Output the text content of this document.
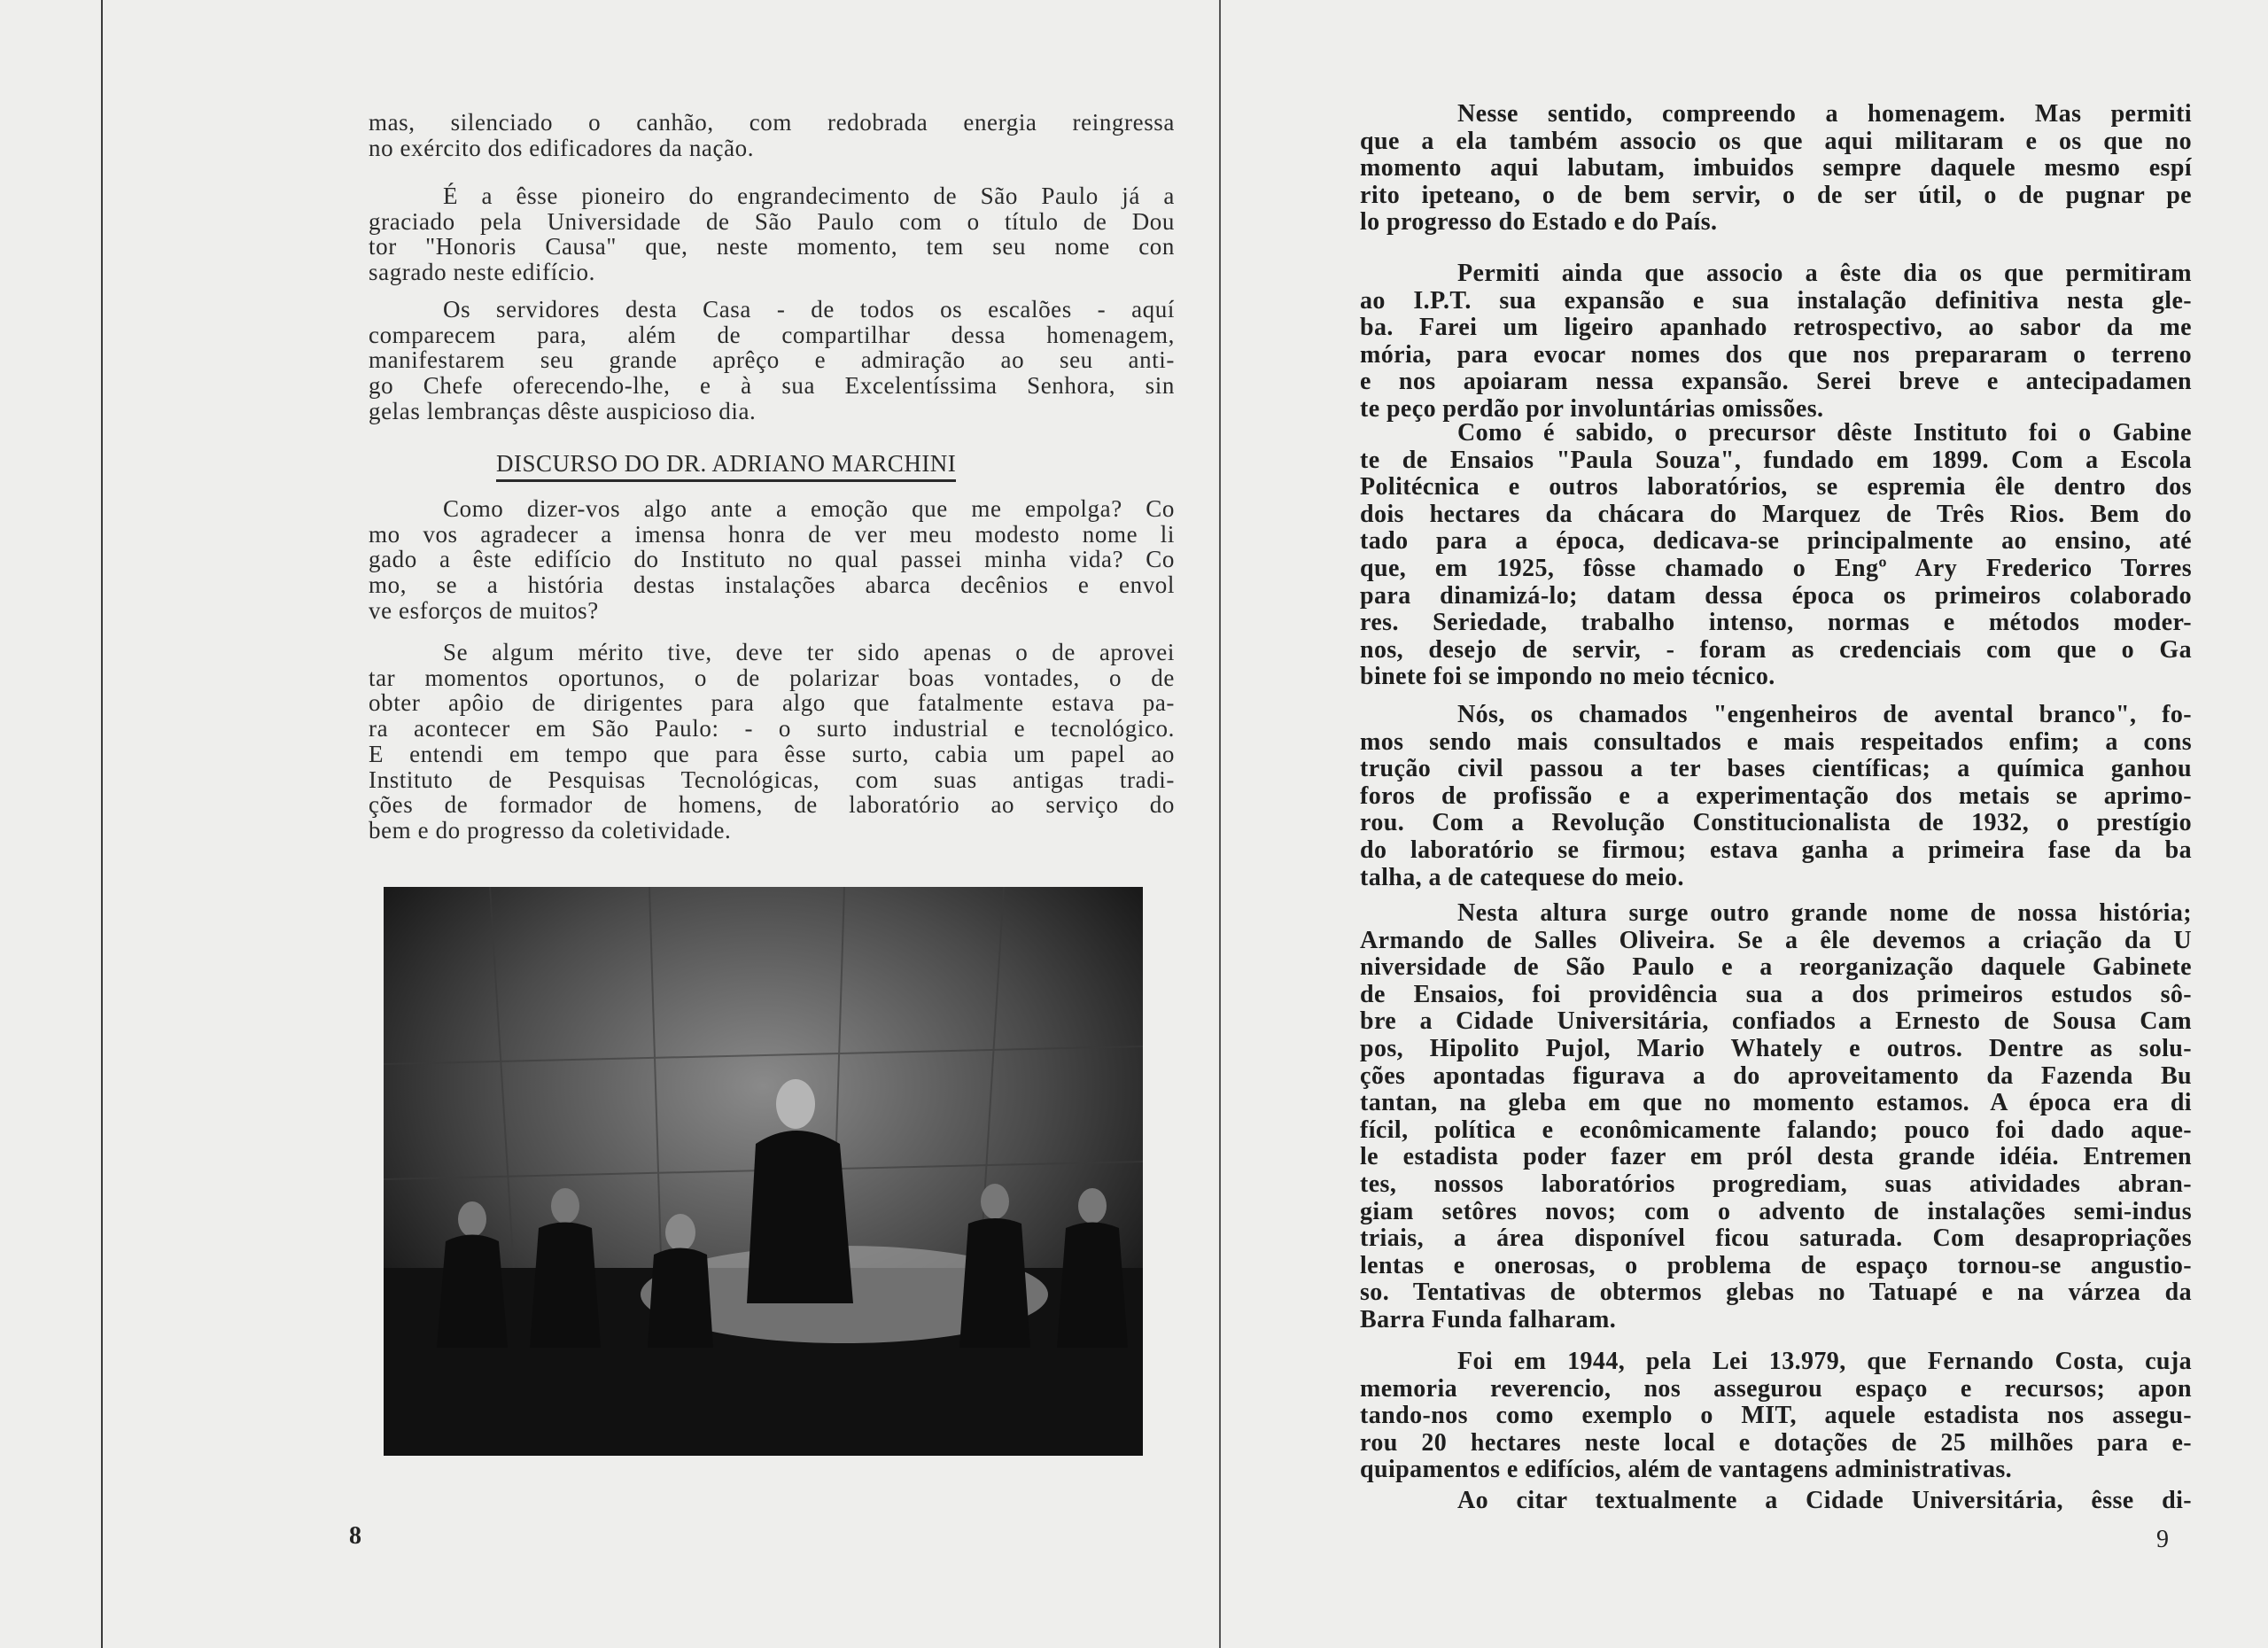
mas, silenciado o canhão, com redobrada energia reingressa
no exército dos edificadores da nação.
É a êsse pioneiro do engrandecimento de São Paulo já a
graciado pela Universidade de São Paulo com o título de Dou
tor "Honoris Causa" que, neste momento, tem seu nome con
sagrado neste edifício.
Os servidores desta Casa - de todos os escalões - aquí
comparecem para, além de compartilhar dessa homenagem,
manifestarem seu grande aprêço e admiração ao seu anti-
go Chefe oferecendo-lhe, e à sua Excelentíssima Senhora, sin
gelas lembranças dêste auspicioso dia.
Como dizer-vos algo ante a emoção que me empolga? Co
mo vos agradecer a imensa honra de ver meu modesto nome li
gado a êste edifício do Instituto no qual passei minha vida? Co
mo, se a história destas instalações abarca decênios e envol
ve esforços de muitos?
Se algum mérito tive, deve ter sido apenas o de aprovei
tar momentos oportunos, o de polarizar boas vontades, o de
obter apôio de dirigentes para algo que fatalmente estava pa-
ra acontecer em São Paulo: - o surto industrial e tecnológico.
E entendi em tempo que para êsse surto, cabia um papel ao
Instituto de Pesquisas Tecnológicas, com suas antigas tradi-
ções de formador de homens, de laboratório ao serviço do
bem e do progresso da coletividade.
DISCURSO DO DR. ADRIANO MARCHINI
8
Nesse sentido, compreendo a homenagem. Mas permiti
que a ela também associo os que aqui militaram e os que no
momento aqui labutam, imbuidos sempre daquele mesmo espí
rito ipeteano, o de bem servir, o de ser útil, o de pugnar pe
lo progresso do Estado e do País.
Permiti ainda que associo a êste dia os que permitiram
ao I.P.T. sua expansão e sua instalação definitiva nesta gle-
ba. Farei um ligeiro apanhado retrospectivo, ao sabor da me
mória, para evocar nomes dos que nos prepararam o terreno
e nos apoiaram nessa expansão. Serei breve e antecipadamen
te peço perdão por involuntárias omissões.
Como é sabido, o precursor dêste Instituto foi o Gabine
te de Ensaios "Paula Souza", fundado em 1899. Com a Escola
Politécnica e outros laboratórios, se espremia êle dentro dos
dois hectares da chácara do Marquez de Três Rios. Bem do
tado para a época, dedicava-se principalmente ao ensino, até
que, em 1925, fôsse chamado o Engº Ary Frederico Torres
para dinamizá-lo; datam dessa época os primeiros colaborado
res. Seriedade, trabalho intenso, normas e métodos moder-
nos, desejo de servir, - foram as credenciais com que o Ga
binete foi se impondo no meio técnico.
Nós, os chamados "engenheiros de avental branco", fo-
mos sendo mais consultados e mais respeitados enfim; a cons
trução civil passou a ter bases científicas; a química ganhou
foros de profissão e a experimentação dos metais se aprimo-
rou. Com a Revolução Constitucionalista de 1932, o prestígio
do laboratório se firmou; estava ganha a primeira fase da ba
talha, a de catequese do meio.
Nesta altura surge outro grande nome de nossa história;
Armando de Salles Oliveira. Se a êle devemos a criação da U
niversidade de São Paulo e a reorganização daquele Gabinete
de Ensaios, foi providência sua a dos primeiros estudos sô-
bre a Cidade Universitária, confiados a Ernesto de Sousa Cam
pos, Hipolito Pujol, Mario Whately e outros. Dentre as solu-
ções apontadas figurava a do aproveitamento da Fazenda Bu
tantan, na gleba em que no momento estamos. A época era di
fícil, política e econômicamente falando; pouco foi dado aque-
le estadista poder fazer em pról desta grande idéia. Entremen
tes, nossos laboratórios progrediam, suas atividades abran-
giam setôres novos; com o advento de instalações semi-indus
triais, a área disponível ficou saturada. Com desapropriações
lentas e onerosas, o problema de espaço tornou-se angustio-
so. Tentativas de obtermos glebas no Tatuapé e na várzea da
Barra Funda falharam.
Foi em 1944, pela Lei 13.979, que Fernando Costa, cuja
memoria reverencio, nos assegurou espaço e recursos; apon
tando-nos como exemplo o MIT, aquele estadista nos assegu-
rou 20 hectares neste local e dotações de 25 milhões para e-
quipamentos e edifícios, além de vantagens administrativas.
Ao citar textualmente a Cidade Universitária, êsse di-
9
